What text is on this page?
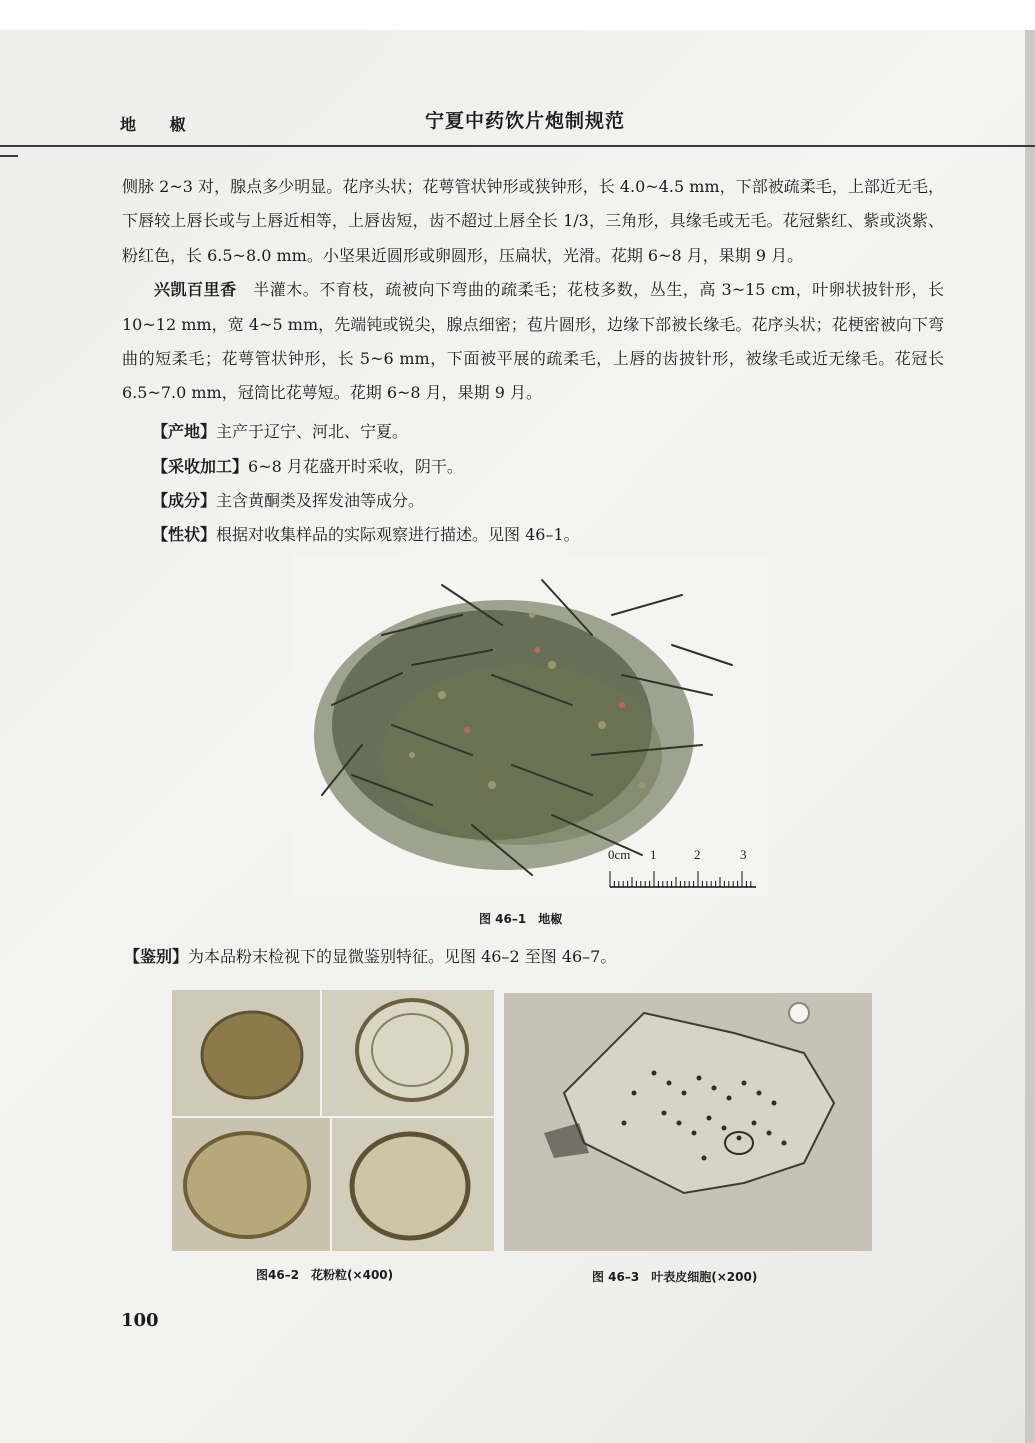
地 椒	宁夏中药饮片炮制规范

侧脉 2~3 对，腺点多少明显。花序头状；花萼管状钟形或狭钟形，长 4.0~4.5 mm，下部被疏柔毛，上部近无毛，下唇较上唇长或与上唇近相等，上唇齿短，齿不超过上唇全长 1/3，三角形，具缘毛或无毛。花冠紫红、紫或淡紫、粉红色，长 6.5~8.0 mm。小坚果近圆形或卵圆形，压扁状，光滑。花期 6~8 月，果期 9 月。

兴凯百里香　半灌木。不育枝，疏被向下弯曲的疏柔毛；花枝多数，丛生，高 3~15 cm，叶卵状披针形，长 10~12 mm，宽 4~5 mm，先端钝或锐尖，腺点细密；苞片圆形，边缘下部被长缘毛。花序头状；花梗密被向下弯曲的短柔毛；花萼管状钟形，长 5~6 mm，下面被平展的疏柔毛，上唇的齿披针形，被缘毛或近无缘毛。花冠长 6.5~7.0 mm，冠筒比花萼短。花期 6~8 月，果期 9 月。

【产地】主产于辽宁、河北、宁夏。
【采收加工】6~8 月花盛开时采收，阴干。
【成分】主含黄酮类及挥发油等成分。
【性状】根据对收集样品的实际观察进行描述。见图 46–1。
0cm 1	2	3
图 46–1　地椒
【鉴别】为本品粉末检视下的显微鉴别特征。见图 46–2 至图 46–7。
图46–2　花粉粒(×400)	图 46–3　叶表皮细胞(×200)
100
